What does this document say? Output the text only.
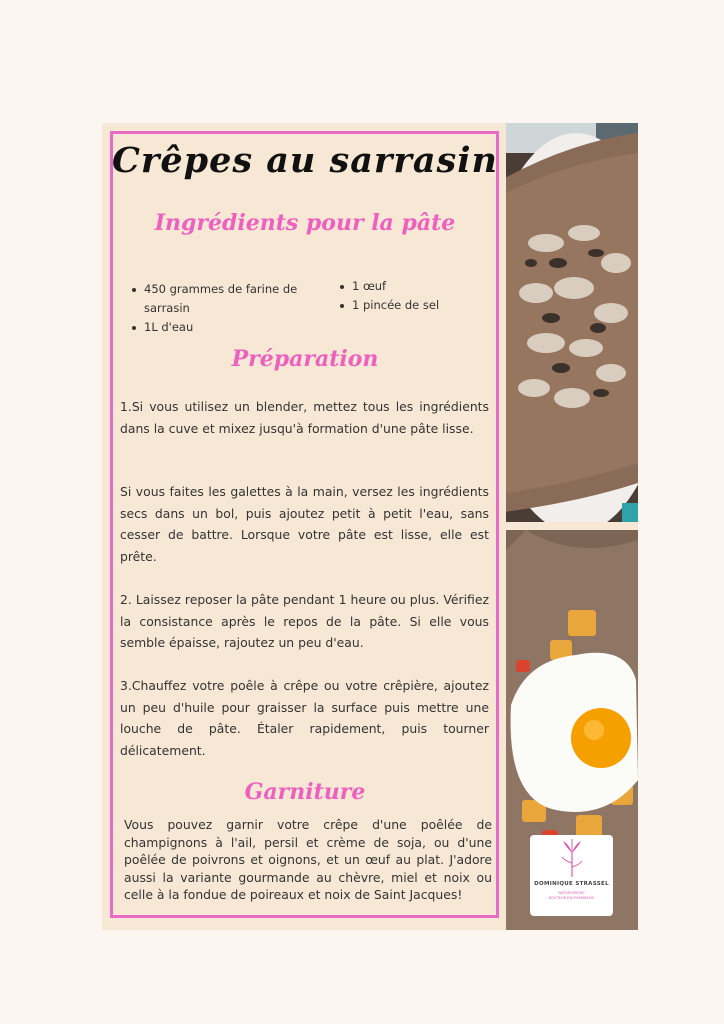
Crêpes au sarrasin
Ingrédients pour la pâte
450 grammes de farine de sarrasin
1L d'eau
1 œuf
1 pincée de sel
Préparation

1.Si vous utilisez un blender, mettez tous les ingrédients dans la cuve et mixez jusqu'à formation d'une pâte lisse.

Si vous faites les galettes à la main, versez les ingrédients secs dans un bol, puis ajoutez petit à petit l'eau, sans cesser de battre. Lorsque votre pâte est lisse, elle est prête.

2. Laissez reposer la pâte pendant 1 heure ou plus. Vérifiez la consistance après le repos de la pâte. Si elle vous semble épaisse, rajoutez un peu d'eau.

3.Chauffez votre poêle à crêpe ou votre crêpière, ajoutez un peu d'huile pour graisser la surface puis mettre une louche de pâte. Étaler rapidement, puis tourner délicatement.

Garniture

Vous pouvez garnir votre crêpe d'une poêlée de champignons à l'ail, persil et crème de soja, ou d'une poêlée de poivrons et oignons, et un œuf au plat. J'adore aussi la variante gourmande au chèvre, miel et noix ou celle à la fondue de poireaux et noix de Saint Jacques!

DOMINIQUE STRASSEL
NATUROPATHE
DOCTEUR EN PHARMACIE
